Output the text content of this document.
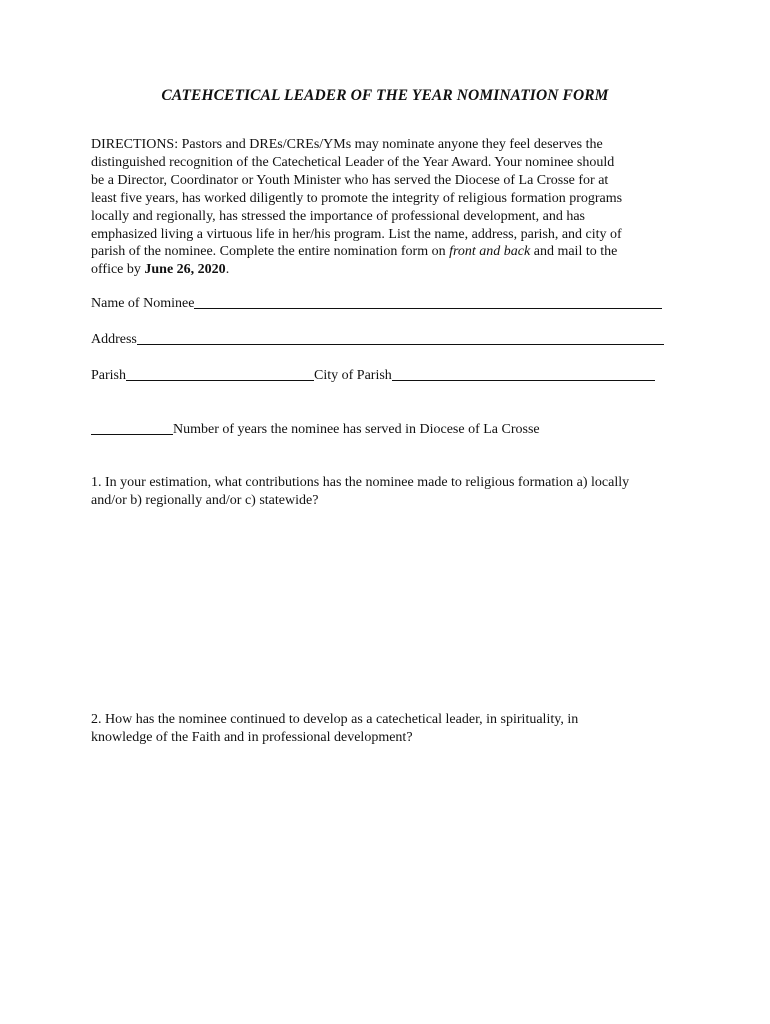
CATEHCETICAL LEADER OF THE YEAR NOMINATION FORM
DIRECTIONS: Pastors and DREs/CREs/YMs may nominate anyone they feel deserves the
distinguished recognition of the Catechetical Leader of the Year Award. Your nominee should
be a Director, Coordinator or Youth Minister who has served the Diocese of La Crosse for at
least five years, has worked diligently to promote the integrity of religious formation programs
locally and regionally, has stressed the importance of professional development, and has
emphasized living a virtuous life in her/his program. List the name, address, parish, and city of
parish of the nominee. Complete the entire nomination form on front and back and mail to the
office by June 26, 2020.
Name of Nominee
Address
Parish	City of Parish
Number of years the nominee has served in Diocese of La Crosse
1. In your estimation, what contributions has the nominee made to religious formation a) locally
and/or b) regionally and/or c) statewide?
2. How has the nominee continued to develop as a catechetical leader, in spirituality, in
knowledge of the Faith and in professional development?
